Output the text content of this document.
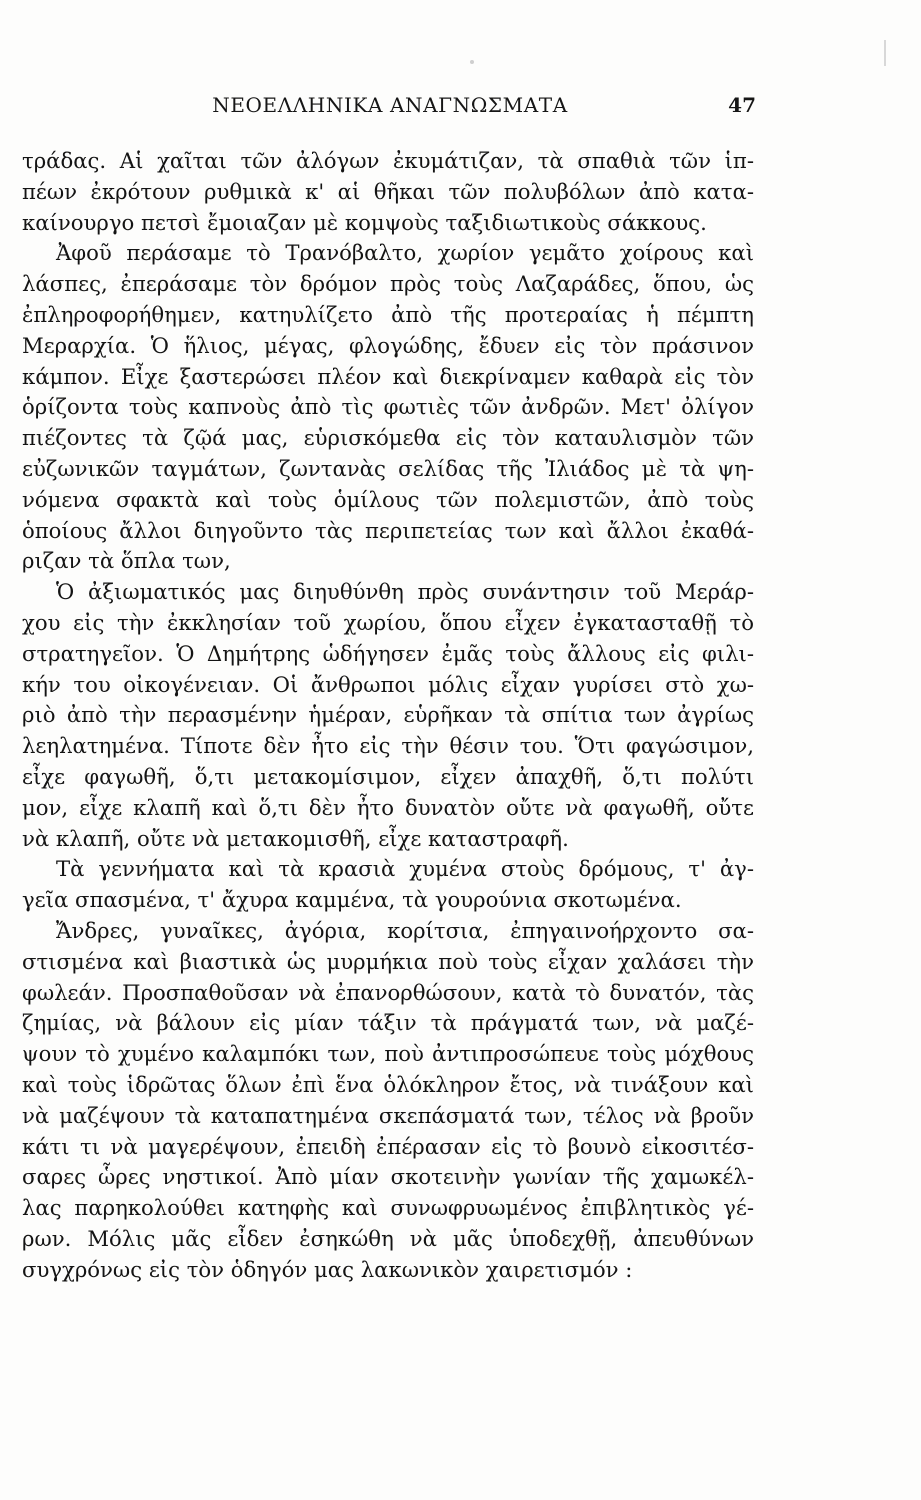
ΝΕΟΕΛΛΗΝΙΚΑ ΑΝΑΓΝΩΣΜΑΤΑ	47
τράδας. Αἱ χαῖται τῶν ἀλόγων ἐκυμάτιζαν, τὰ σπαθιὰ τῶν ἱπ-
πέων ἐκρότουν ρυθμικὰ κ' αἱ θῆκαι τῶν πολυβόλων ἀπὸ κατα-
καίνουργο πετσὶ ἔμοιαζαν μὲ κομψοὺς ταξιδιωτικοὺς σάκκους.
Ἀφοῦ περάσαμε τὸ Τρανόβαλτο, χωρίον γεμᾶτο χοίρους καὶ
λάσπες, ἐπεράσαμε τὸν δρόμον πρὸς τοὺς Λαζαράδες, ὅπου, ὡς
ἐπληροφορήθημεν, κατηυλίζετο ἀπὸ τῆς προτεραίας ἡ πέμπτη
Μεραρχία. Ὁ ἥλιος, μέγας, φλογώδης, ἔδυεν εἰς τὸν πράσινον
κάμπον. Εἶχε ξαστερώσει πλέον καὶ διεκρίναμεν καθαρὰ εἰς τὸν
ὁρίζοντα τοὺς καπνοὺς ἀπὸ τὶς φωτιὲς τῶν ἀνδρῶν. Μετ' ὀλίγον
πιέζοντες τὰ ζῷά μας, εὑρισκόμεθα εἰς τὸν καταυλισμὸν τῶν
εὐζωνικῶν ταγμάτων, ζωντανὰς σελίδας τῆς Ἰλιάδος μὲ τὰ ψη-
νόμενα σφακτὰ καὶ τοὺς ὁμίλους τῶν πολεμιστῶν, ἀπὸ τοὺς
ὁποίους ἄλλοι διηγοῦντο τὰς περιπετείας των καὶ ἄλλοι ἐκαθά-
ριζαν τὰ ὅπλα των,
Ὁ ἀξιωματικός μας διηυθύνθη πρὸς συνάντησιν τοῦ Μεράρ-
χου εἰς τὴν ἐκκλησίαν τοῦ χωρίου, ὅπου εἶχεν ἐγκατασταθῇ τὸ
στρατηγεῖον. Ὁ Δημήτρης ὡδήγησεν ἐμᾶς τοὺς ἄλλους εἰς φιλι-
κήν του οἰκογένειαν. Οἱ ἄνθρωποι μόλις εἶχαν γυρίσει στὸ χω-
ριὸ ἀπὸ τὴν περασμένην ἡμέραν, εὑρῆκαν τὰ σπίτια των ἀγρίως
λεηλατημένα. Τίποτε δὲν ἦτο εἰς τὴν θέσιν του. Ὅτι φαγώσιμον,
εἶχε φαγωθῆ, ὅ,τι μετακομίσιμον, εἶχεν ἀπαχθῆ, ὅ,τι πολύτι
μον, εἶχε κλαπῆ καὶ ὅ,τι δὲν ἦτο δυνατὸν οὔτε νὰ φαγωθῆ, οὔτε
νὰ κλαπῆ, οὔτε νὰ μετακομισθῆ, εἶχε καταστραφῆ.
Τὰ γεννήματα καὶ τὰ κρασιὰ χυμένα στοὺς δρόμους, τ' ἀγ-
γεῖα σπασμένα, τ' ἄχυρα καμμένα, τὰ γουρούνια σκοτωμένα.
Ἄνδρες, γυναῖκες, ἀγόρια, κορίτσια, ἐπηγαινοήρχοντο σα-
στισμένα καὶ βιαστικὰ ὡς μυρμήκια ποὺ τοὺς εἶχαν χαλάσει τὴν
φωλεάν. Προσπαθοῦσαν νὰ ἐπανορθώσουν, κατὰ τὸ δυνατόν, τὰς
ζημίας, νὰ βάλουν εἰς μίαν τάξιν τὰ πράγματά των, νὰ μαζέ-
ψουν τὸ χυμένο καλαμπόκι των, ποὺ ἀντιπροσώπευε τοὺς μόχθους
καὶ τοὺς ἱδρῶτας ὅλων ἐπὶ ἕνα ὁλόκληρον ἔτος, νὰ τινάξουν καὶ
νὰ μαζέψουν τὰ καταπατημένα σκεπάσματά των, τέλος νὰ βροῦν
κάτι τι νὰ μαγερέψουν, ἐπειδὴ ἐπέρασαν εἰς τὸ βουνὸ εἰκοσιτέσ-
σαρες ὧρες νηστικοί. Ἀπὸ μίαν σκοτεινὴν γωνίαν τῆς χαμωκέλ-
λας παρηκολούθει κατηφὴς καὶ συνωφρυωμένος ἐπιβλητικὸς γέ-
ρων. Μόλις μᾶς εἶδεν ἐσηκώθη νὰ μᾶς ὑποδεχθῇ, ἀπευθύνων
συγχρόνως εἰς τὸν ὁδηγόν μας λακωνικὸν χαιρετισμόν :
